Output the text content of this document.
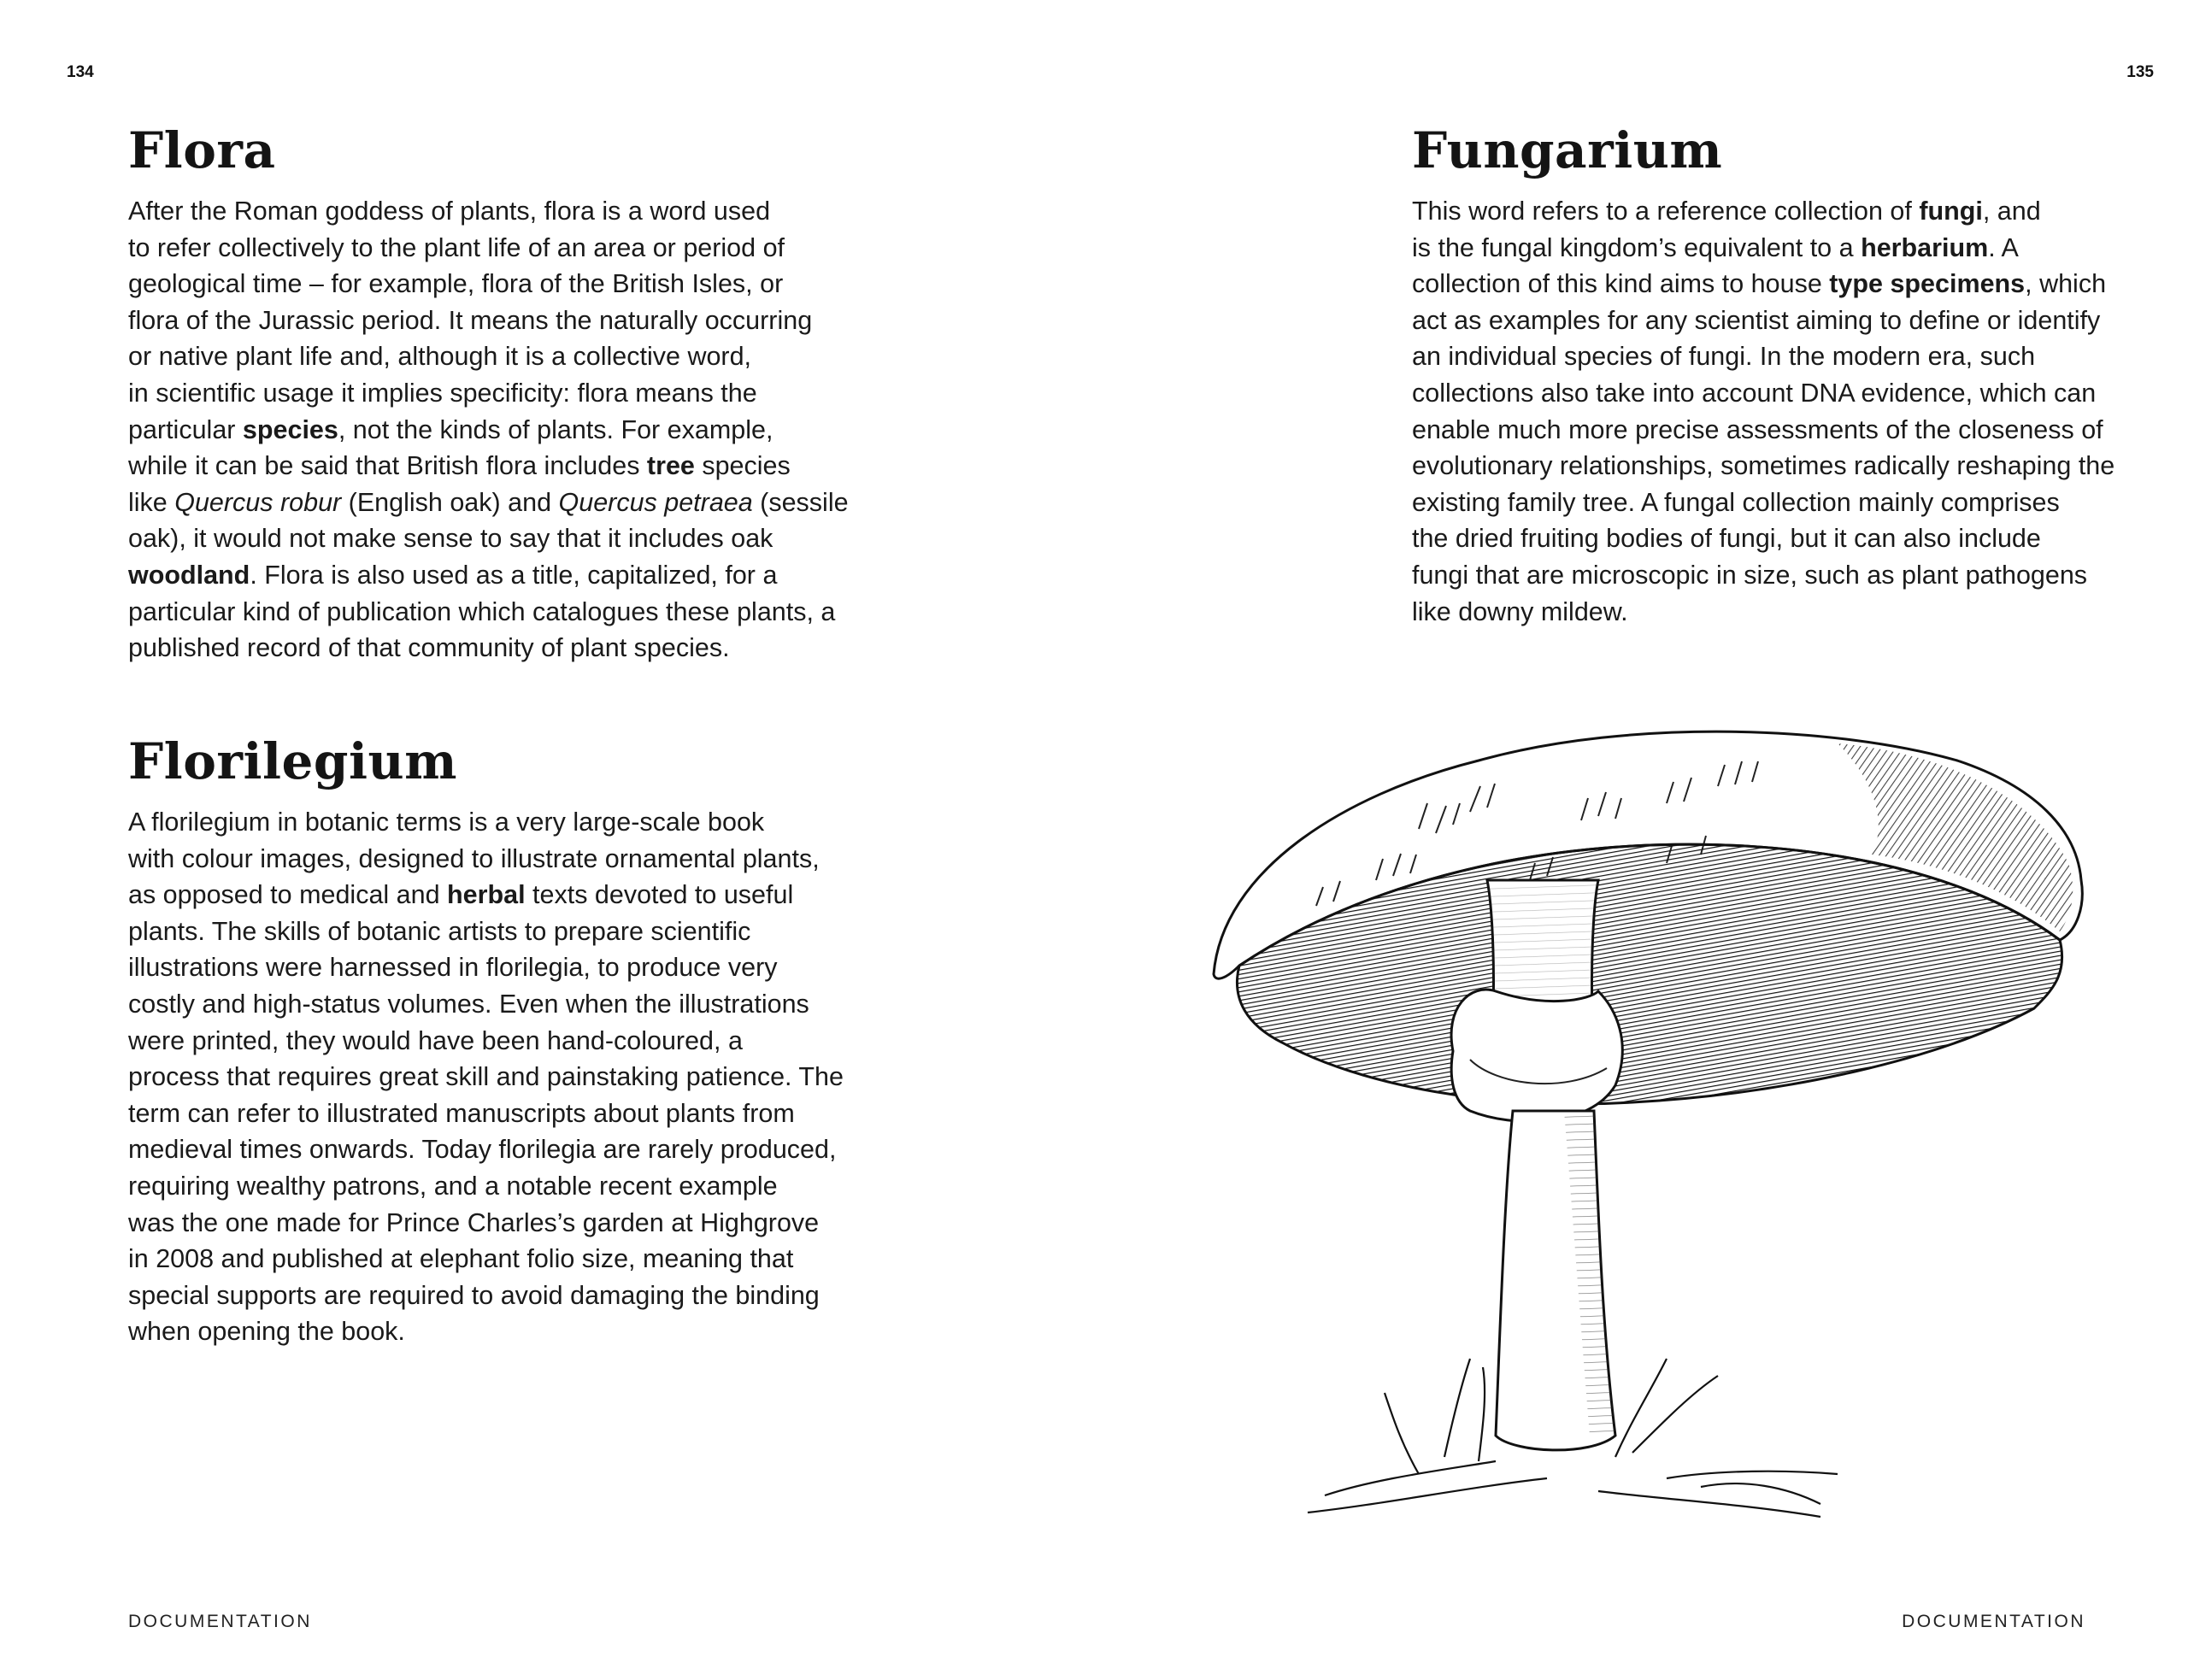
134	135
Flora

After the Roman goddess of plants, flora is a word used
to refer collectively to the plant life of an area or period of
geological time – for example, flora of the British Isles, or
flora of the Jurassic period. It means the naturally occurring
or native plant life and, although it is a collective word,
in scientific usage it implies specificity: flora means the
particular species, not the kinds of plants. For example,
while it can be said that British flora includes tree species
like Quercus robur (English oak) and Quercus petraea (sessile
oak), it would not make sense to say that it includes oak
woodland. Flora is also used as a title, capitalized, for a
particular kind of publication which catalogues these plants, a
published record of that community of plant species.

Florilegium

A florilegium in botanic terms is a very large-scale book
with colour images, designed to illustrate ornamental plants,
as opposed to medical and herbal texts devoted to useful
plants. The skills of botanic artists to prepare scientific
illustrations were harnessed in florilegia, to produce very
costly and high-status volumes. Even when the illustrations
were printed, they would have been hand-coloured, a
process that requires great skill and painstaking patience. The
term can refer to illustrated manuscripts about plants from
medieval times onwards. Today florilegia are rarely produced,
requiring wealthy patrons, and a notable recent example
was the one made for Prince Charles’s garden at Highgrove
in 2008 and published at elephant folio size, meaning that
special supports are required to avoid damaging the binding
when opening the book.

Fungarium

This word refers to a reference collection of fungi, and
is the fungal kingdom’s equivalent to a herbarium. A
collection of this kind aims to house type specimens, which
act as examples for any scientist aiming to define or identify
an individual species of fungi. In the modern era, such
collections also take into account DNA evidence, which can
enable much more precise assessments of the closeness of
evolutionary relationships, sometimes radically reshaping the
existing family tree. A fungal collection mainly comprises
the dried fruiting bodies of fungi, but it can also include
fungi that are microscopic in size, such as plant pathogens
like downy mildew.

DOCUMENTATION	DOCUMENTATION
